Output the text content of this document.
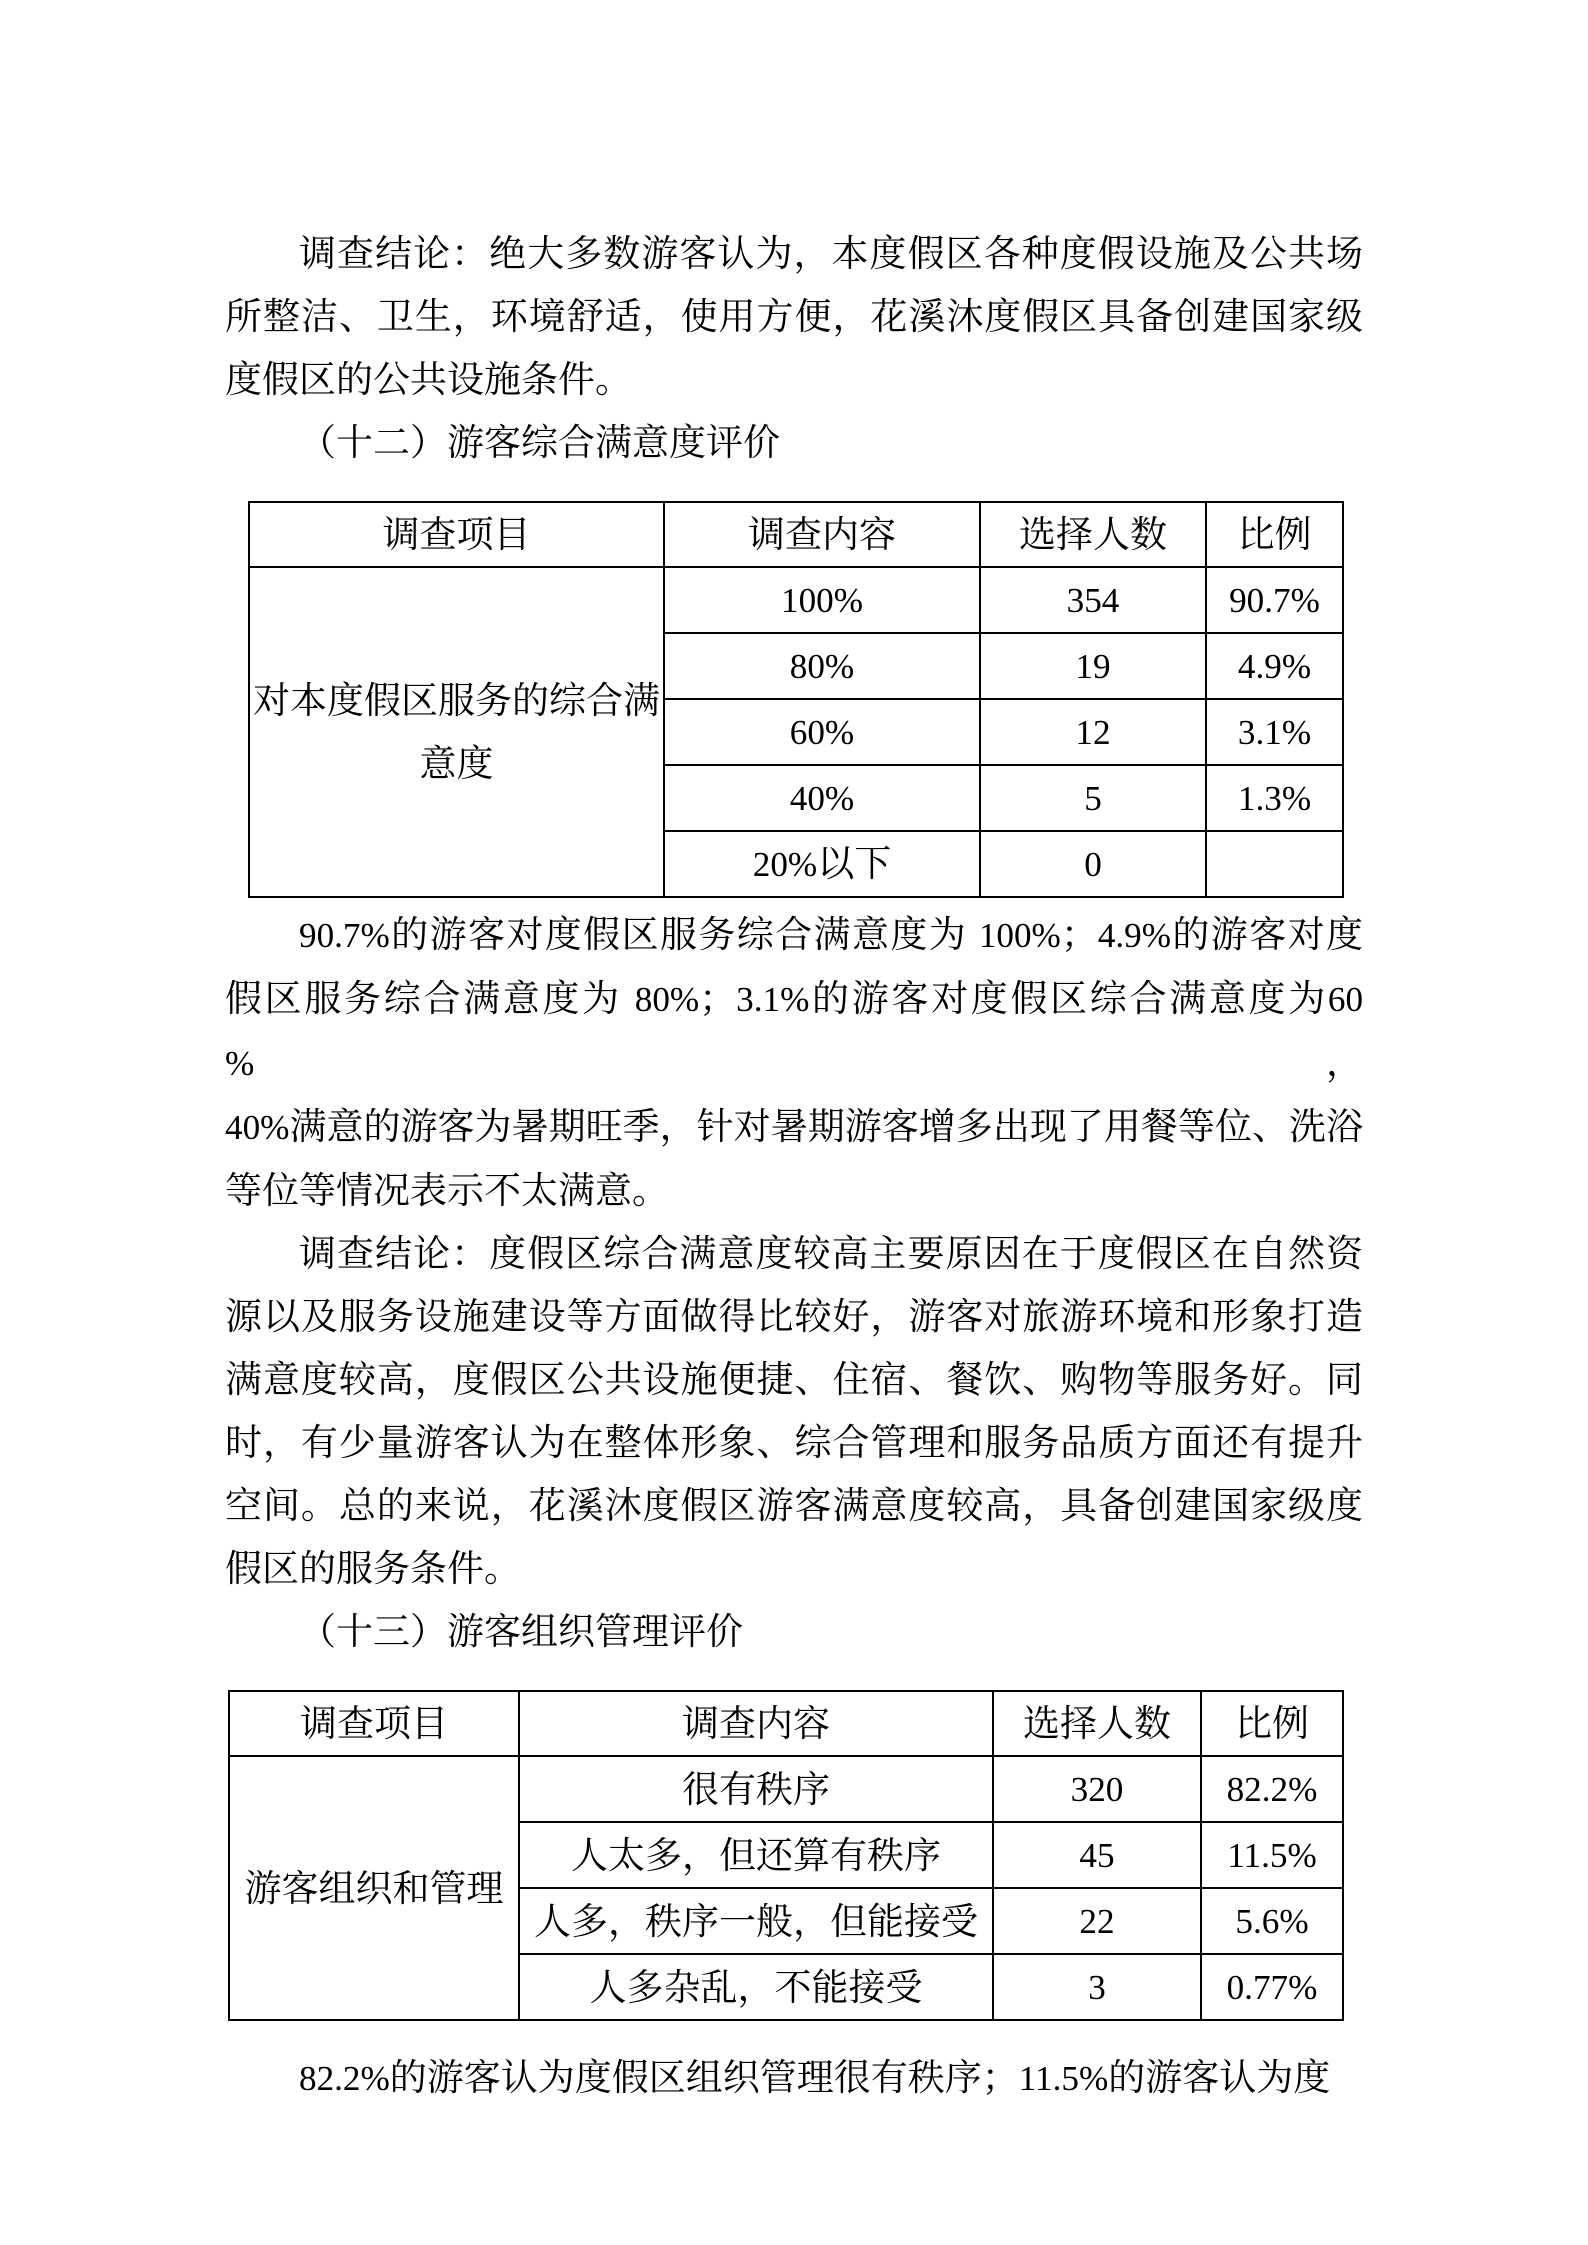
调查结论：绝大多数游客认为，本度假区各种度假设施及公共场
所整洁、卫生，环境舒适，使用方便，花溪沐度假区具备创建国家级
度假区的公共设施条件。

（十二）游客综合满意度评价
调查项目	调查内容	选择人数	比例
对本度假区服务的综合满意度	100%	354	90.7%
	80%	19	4.9%
	60%	12	3.1%
	40%	5	1.3%
	20%以下	0	

90.7%的游客对度假区服务综合满意度为 100%；4.9%的游客对度
假区服务综合满意度为 80%；3.1%的游客对度假区综合满意度为60 %，
40%满意的游客为暑期旺季，针对暑期游客增多出现了用餐等位、洗浴
等位等情况表示不太满意。

调查结论：度假区综合满意度较高主要原因在于度假区在自然资
源以及服务设施建设等方面做得比较好，游客对旅游环境和形象打造
满意度较高，度假区公共设施便捷、住宿、餐饮、购物等服务好。同
时，有少量游客认为在整体形象、综合管理和服务品质方面还有提升
空间。总的来说，花溪沐度假区游客满意度较高，具备创建国家级度
假区的服务条件。

（十三）游客组织管理评价
调查项目	调查内容	选择人数	比例
游客组织和管理	很有秩序	320	82.2%
	人太多，但还算有秩序	45	11.5%
	人多，秩序一般，但能接受	22	5.6%
	人多杂乱，不能接受	3	0.77%

82.2%的游客认为度假区组织管理很有秩序；11.5%的游客认为度
